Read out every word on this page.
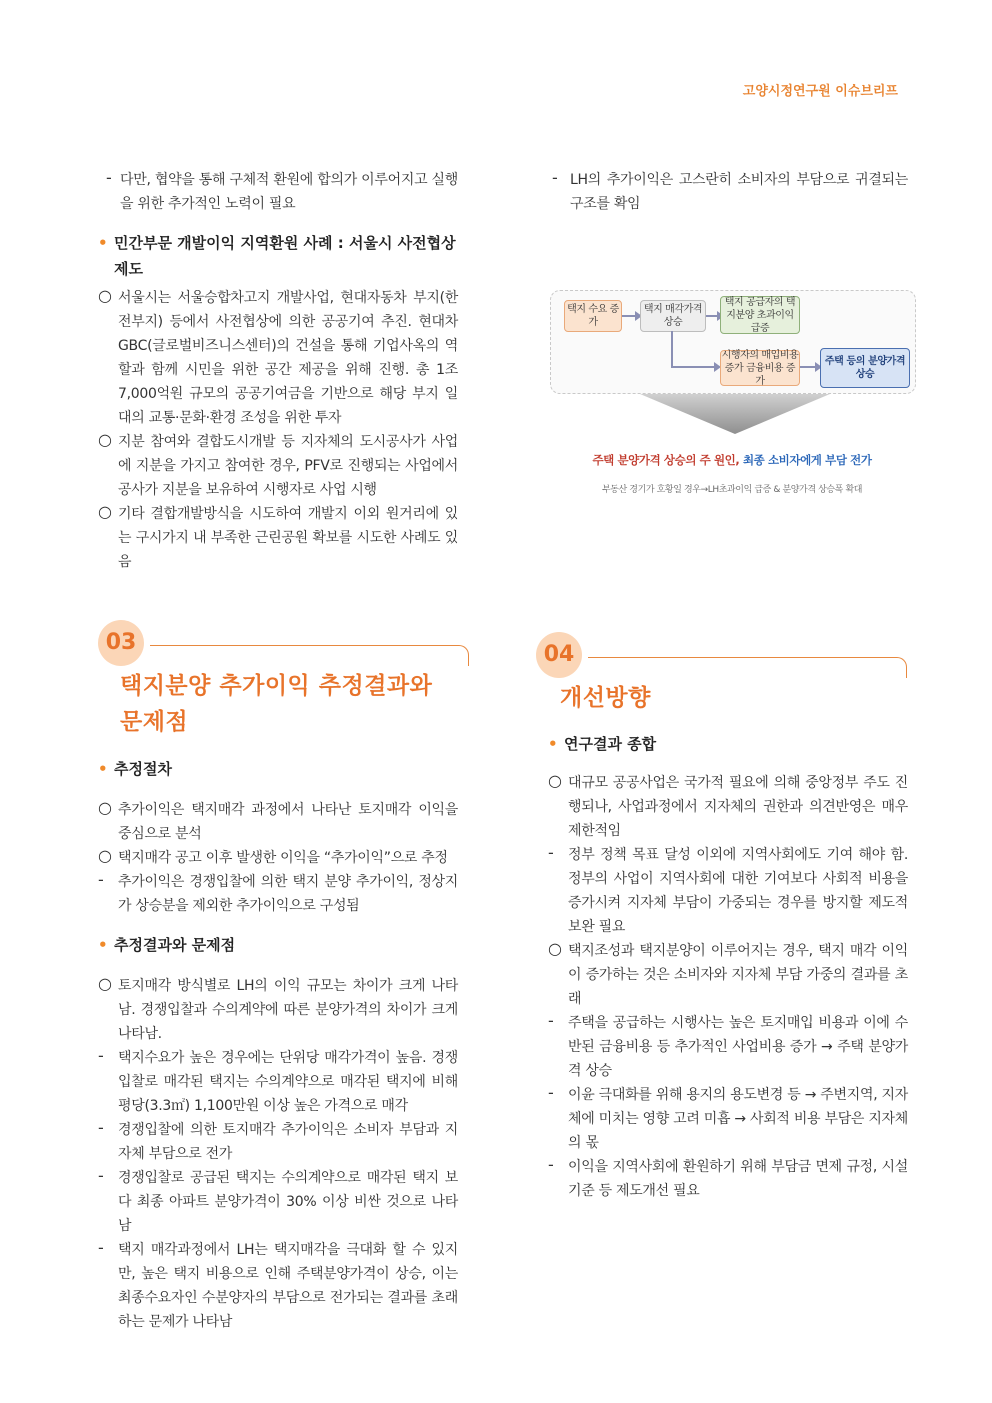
고양시정연구원 이슈브리프
- 다만, 협약을 통해 구체적 환원에 합의가 이루어지고 실행을 위한 추가적인 노력이 필요

• 민간부문 개발이익 지역환원 사례 : 서울시 사전협상제도

○ 서울시는 서울승합차고지 개발사업, 현대자동차 부지(한전부지) 등에서 사전협상에 의한 공공기여 추진. 현대차 GBC(글로벌비즈니스센터)의 건설을 통해 기업사옥의 역할과 함께 시민을 위한 공간 제공을 위해 진행. 총 1조 7,000억원 규모의 공공기여금을 기반으로 해당 부지 일대의 교통·문화·환경 조성을 위한 투자

○ 지분 참여와 결합도시개발 등 지자체의 도시공사가 사업에 지분을 가지고 참여한 경우, PFV로 진행되는 사업에서 공사가 지분을 보유하여 시행자로 사업 시행

○ 기타 결합개발방식을 시도하여 개발지 이외 원거리에 있는 구시가지 내 부족한 근린공원 확보를 시도한 사례도 있음

- LH의 추가이익은 고스란히 소비자의 부담으로 귀결되는 구조를 확임

택지 수요 증가
택지 매각가격 상승
택지 공급자의 택지분양 초과이익 급증
시행자의 매입비용 증가 금융비용 증가
주택 등의 분양가격 상승
주택 분양가격 상승의 주 원인, 최종 소비자에게 부담 전가
부동산 경기가 호황일 경우→LH초과이익 급증 & 분양가격 상승폭 확대
03
택지분양 추가이익 추정결과와
문제점

• 추정절차

○ 추가이익은 택지매각 과정에서 나타난 토지매각 이익을 중심으로 분석

○ 택지매각 공고 이후 발생한 이익을 “추가이익”으로 추정

-	추가이익은 경쟁입찰에 의한 택지 분양 추가이익, 정상지가 상승분을 제외한 추가이익으로 구성됨

• 추정결과와 문제점

○ 토지매각 방식별로 LH의 이익 규모는 차이가 크게 나타남. 경쟁입찰과 수의계약에 따른 분양가격의 차이가 크게 나타남.

-	택지수요가 높은 경우에는 단위당 매각가격이 높음. 경쟁입찰로 매각된 택지는 수의계약으로 매각된 택지에 비해 평당(3.3㎡) 1,100만원 이상 높은 가격으로 매각

-	경쟁입찰에 의한 토지매각 추가이익은 소비자 부담과 지자체 부담으로 전가

-	경쟁입찰로 공급된 택지는 수의계약으로 매각된 택지 보다 최종 아파트 분양가격이 30% 이상 비싼 것으로 나타남

-	택지 매각과정에서 LH는 택지매각을 극대화 할 수 있지만, 높은 택지 비용으로 인해 주택분양가격이 상승, 이는 최종수요자인 수분양자의 부담으로 전가되는 결과를 초래하는 문제가 나타남

04
개선방향

• 연구결과 종합

○ 대규모 공공사업은 국가적 필요에 의해 중앙정부 주도 진행되나, 사업과정에서 지자체의 권한과 의견반영은 매우 제한적임

-	정부 정책 목표 달성 이외에 지역사회에도 기여 해야 함. 정부의 사업이 지역사회에 대한 기여보다 사회적 비용을 증가시켜 지자체 부담이 가중되는 경우를 방지할 제도적 보완 필요

○ 택지조성과 택지분양이 이루어지는 경우, 택지 매각 이익이 증가하는 것은 소비자와 지자체 부담 가중의 결과를 초래

-	주택을 공급하는 시행사는 높은 토지매입 비용과 이에 수반된 금융비용 등 추가적인 사업비용 증가 → 주택 분양가격 상승

-	이윤 극대화를 위해 용지의 용도변경 등 → 주변지역, 지자체에 미치는 영향 고려 미흡 → 사회적 비용 부담은 지자체의 몫

-	이익을 지역사회에 환원하기 위해 부담금 면제 규정, 시설 기준 등 제도개선 필요
